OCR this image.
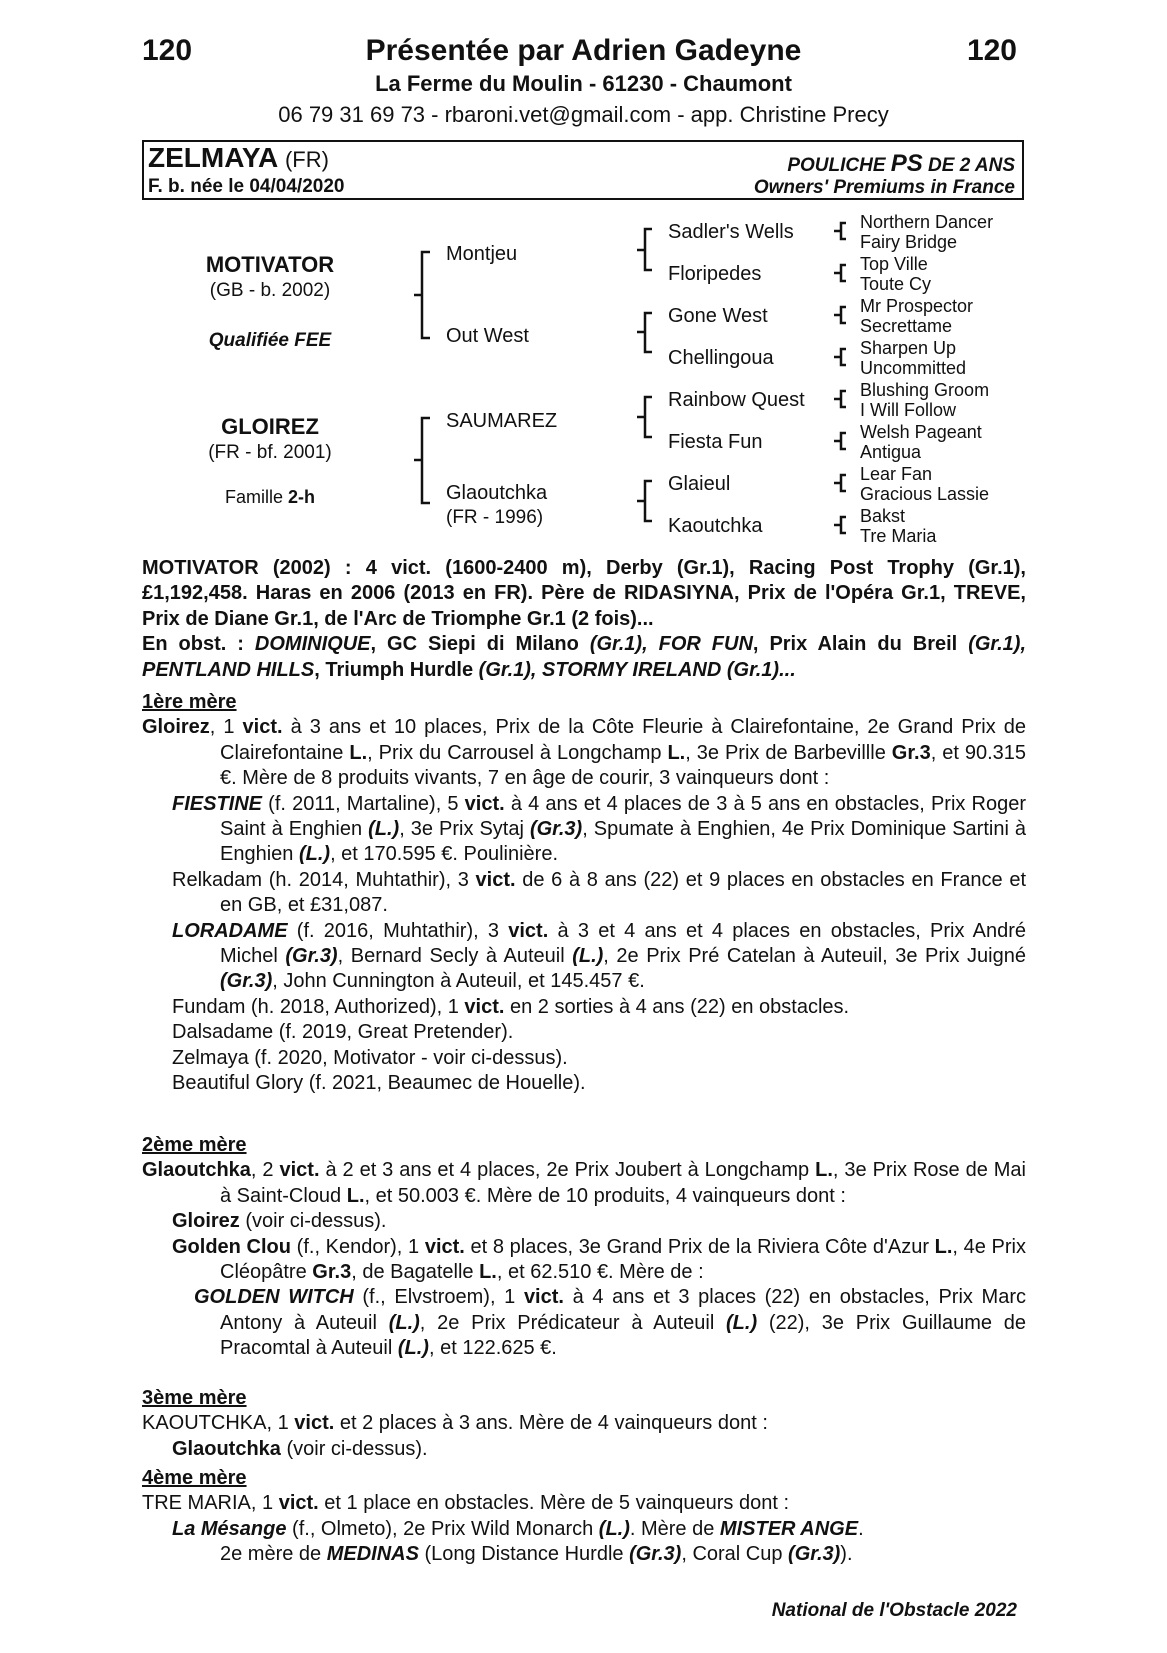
120	Présentée par Adrien Gadeyne	120
La Ferme du Moulin - 61230 - Chaumont
06 79 31 69 73 - rbaroni.vet@gmail.com - app. Christine Precy
ZELMAYA (FR)
F. b. née le 04/04/2020
POULICHE PS DE 2 ANS
Owners' Premiums in France
MOTIVATOR
(GB - b. 2002)
Qualifiée FEE
GLOIREZ
(FR - bf. 2001)
Famille 2-h
Montjeu
Out West
SAUMAREZ
Glaoutchka
(FR - 1996)
Sadler's Wells
Floripedes
Gone West
Chellingoua
Rainbow Quest
Fiesta Fun
Glaieul
Kaoutchka
Northern Dancer
Fairy Bridge
Top Ville
Toute Cy
Mr Prospector
Secrettame
Sharpen Up
Uncommitted
Blushing Groom
I Will Follow
Welsh Pageant
Antigua
Lear Fan
Gracious Lassie
Bakst
Tre Maria

MOTIVATOR (2002) : 4 vict. (1600-2400 m), Derby (Gr.1), Racing Post Trophy (Gr.1), £1,192,458. Haras en 2006 (2013 en FR). Père de RIDASIYNA, Prix de l'Opéra Gr.1, TREVE, Prix de Diane Gr.1, de l'Arc de Triomphe Gr.1 (2 fois)...

En obst. : DOMINIQUE, GC Siepi di Milano (Gr.1), FOR FUN, Prix Alain du Breil (Gr.1), PENTLAND HILLS, Triumph Hurdle (Gr.1), STORMY IRELAND (Gr.1)...

1ère mère

Gloirez, 1 vict. à 3 ans et 10 places, Prix de la Côte Fleurie à Clairefontaine, 2e Grand Prix de Clairefontaine L., Prix du Carrousel à Longchamp L., 3e Prix de Barbevillle Gr.3, et 90.315 €. Mère de 8 produits vivants, 7 en âge de courir, 3 vainqueurs dont :

FIESTINE (f. 2011, Martaline), 5 vict. à 4 ans et 4 places de 3 à 5 ans en obstacles, Prix Roger Saint à Enghien (L.), 3e Prix Sytaj (Gr.3), Spumate à Enghien, 4e Prix Dominique Sartini à Enghien (L.), et 170.595 €. Poulinière.

Relkadam (h. 2014, Muhtathir), 3 vict. de 6 à 8 ans (22) et 9 places en obstacles en France et en GB, et £31,087.

LORADAME (f. 2016, Muhtathir), 3 vict. à 3 et 4 ans et 4 places en obstacles, Prix André Michel (Gr.3), Bernard Secly à Auteuil (L.), 2e Prix Pré Catelan à Auteuil, 3e Prix Juigné (Gr.3), John Cunnington à Auteuil, et 145.457 €.

Fundam (h. 2018, Authorized), 1 vict. en 2 sorties à 4 ans (22) en obstacles.

Dalsadame (f. 2019, Great Pretender).

Zelmaya (f. 2020, Motivator - voir ci-dessus).

Beautiful Glory (f. 2021, Beaumec de Houelle).

2ème mère

Glaoutchka, 2 vict. à 2 et 3 ans et 4 places, 2e Prix Joubert à Longchamp L., 3e Prix Rose de Mai à Saint-Cloud L., et 50.003 €. Mère de 10 produits, 4 vainqueurs dont :

Gloirez (voir ci-dessus).

Golden Clou (f., Kendor), 1 vict. et 8 places, 3e Grand Prix de la Riviera Côte d'Azur L., 4e Prix Cléopâtre Gr.3, de Bagatelle L., et 62.510 €. Mère de :

GOLDEN WITCH (f., Elvstroem), 1 vict. à 4 ans et 3 places (22) en obstacles, Prix Marc Antony à Auteuil (L.), 2e Prix Prédicateur à Auteuil (L.) (22), 3e Prix Guillaume de Pracomtal à Auteuil (L.), et 122.625 €.

3ème mère

KAOUTCHKA, 1 vict. et 2 places à 3 ans. Mère de 4 vainqueurs dont :

Glaoutchka (voir ci-dessus).

4ème mère

TRE MARIA, 1 vict. et 1 place en obstacles. Mère de 5 vainqueurs dont :

La Mésange (f., Olmeto), 2e Prix Wild Monarch (L.). Mère de MISTER ANGE.

2e mère de MEDINAS (Long Distance Hurdle (Gr.3), Coral Cup (Gr.3)).

National de l'Obstacle 2022
